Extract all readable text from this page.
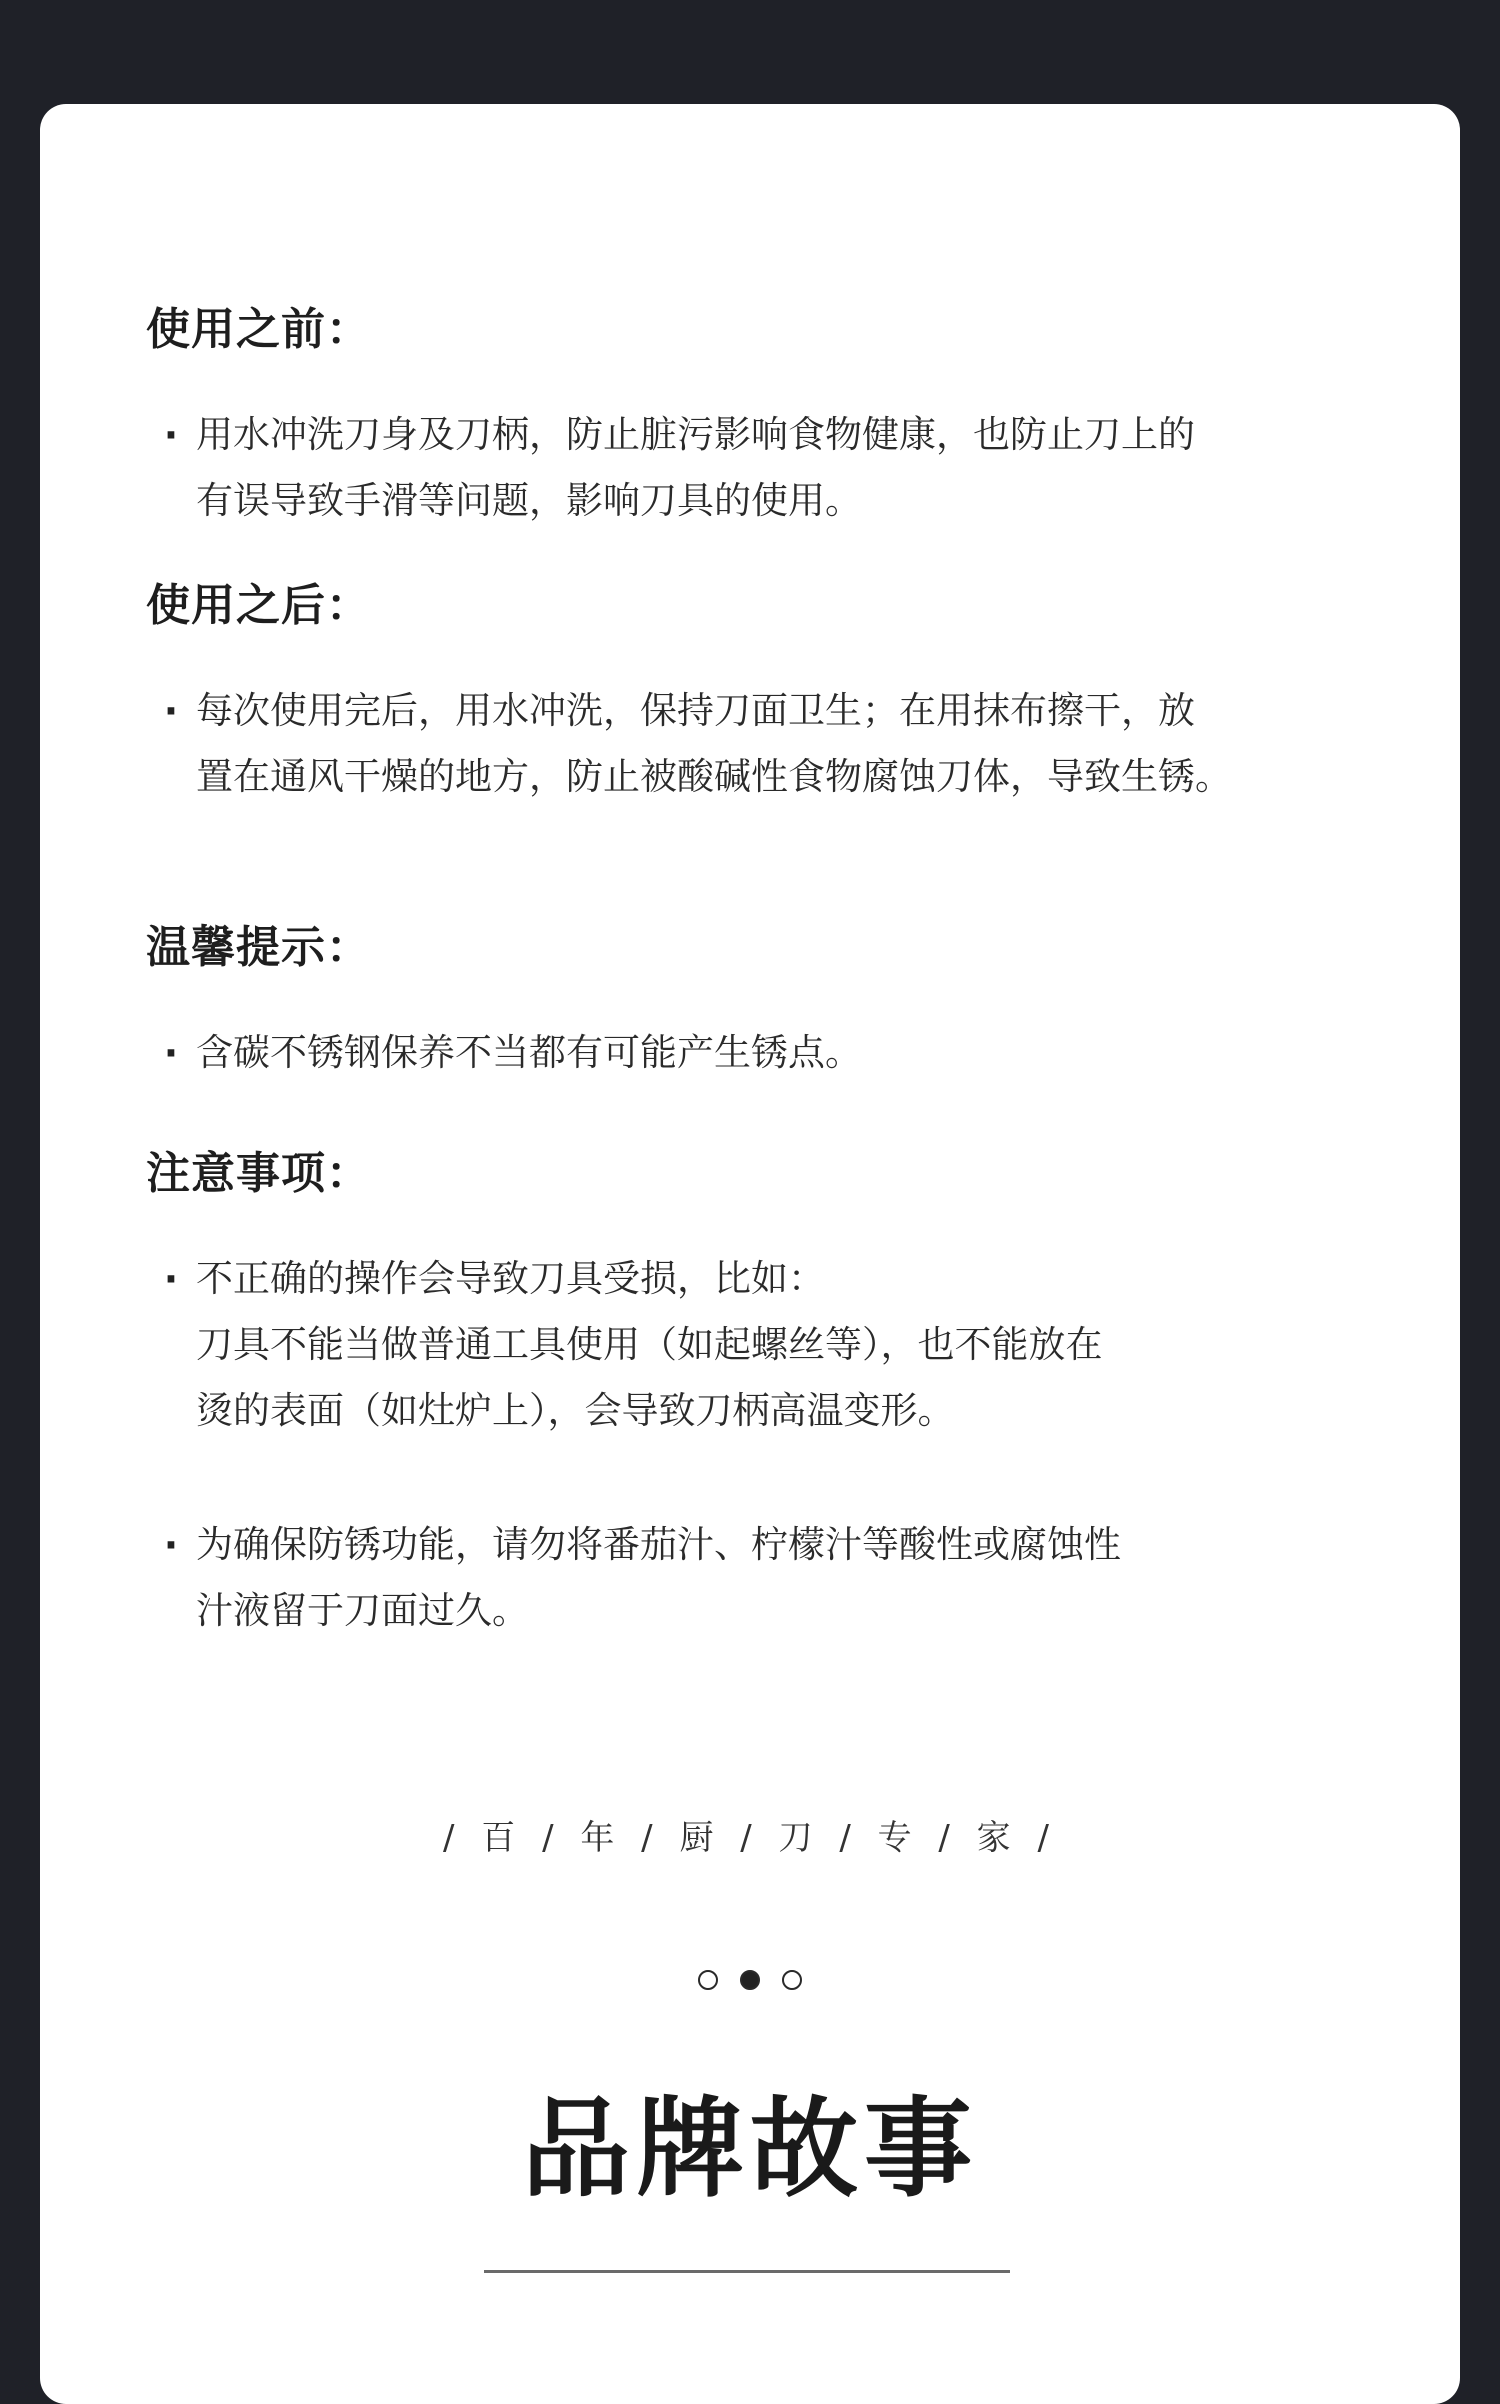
使用之前：
· 用水冲洗刀身及刀柄，防止脏污影响食物健康，也防止刀上的
有误导致手滑等问题，影响刀具的使用。
使用之后：
· 每次使用完后，用水冲洗，保持刀面卫生；在用抹布擦干，放
置在通风干燥的地方，防止被酸碱性食物腐蚀刀体，导致生锈。
温馨提示：
· 含碳不锈钢保养不当都有可能产生锈点。
注意事项：
· 不正确的操作会导致刀具受损，比如：
刀具不能当做普通工具使用（如起螺丝等），也不能放在
烫的表面（如灶炉上），会导致刀柄高温变形。
· 为确保防锈功能，请勿将番茄汁、柠檬汁等酸性或腐蚀性
汁液留于刀面过久。
/ 百 / 年 / 厨 / 刀 / 专 / 家 /
品牌故事
